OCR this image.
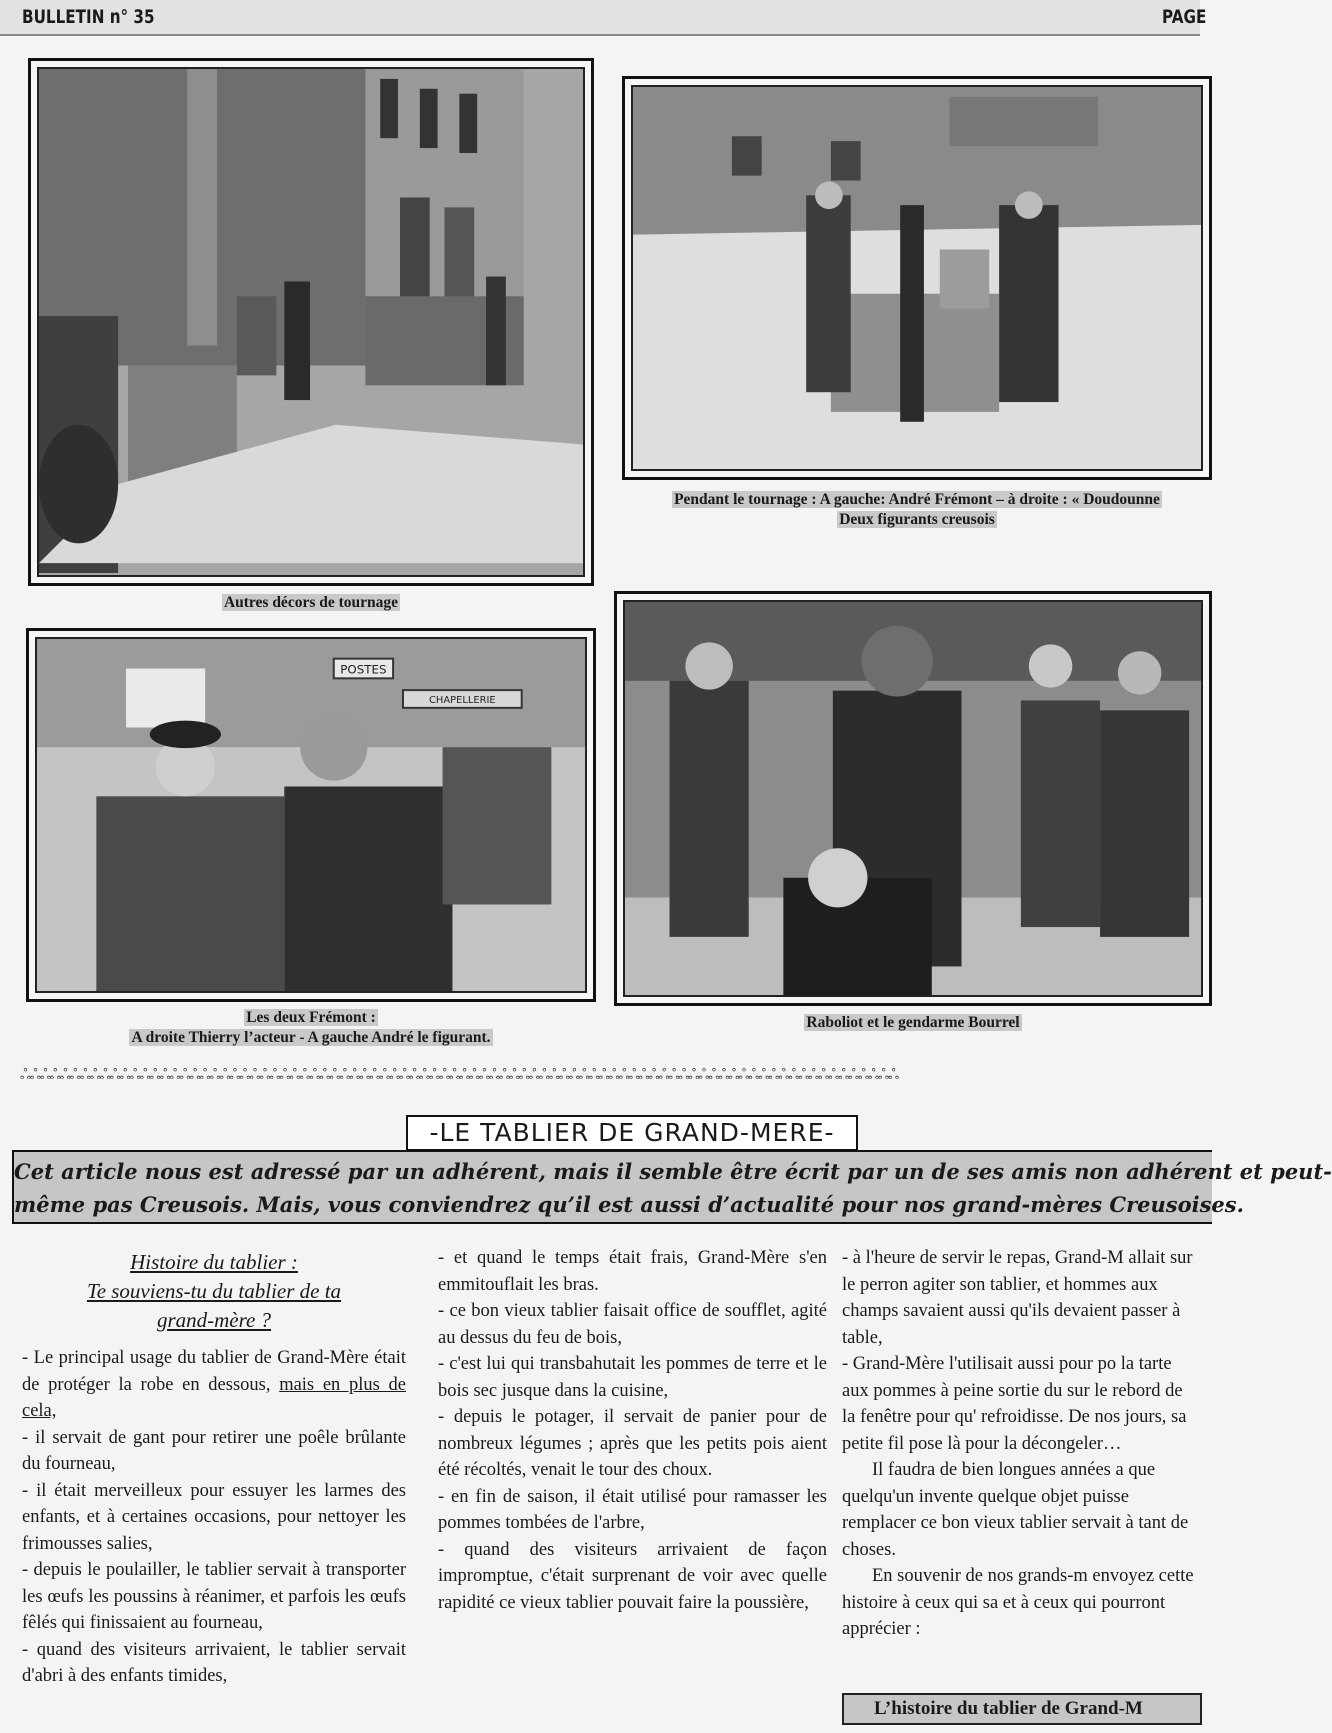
BULLETIN n° 35	PAGE
Autres décors de tournage
Pendant le tournage : A gauche: André Frémont – à droite : « Doudounne
Deux figurants creusois
POSTES
CHAPELLERIE
Les deux Frémont :
A droite Thierry l’acteur - A gauche André le figurant.
Raboliot et le gendarme Bourrel
ஃஃஃஃஃஃஃஃஃஃஃஃஃஃஃஃஃஃஃஃஃஃஃஃஃஃஃஃஃஃஃஃஃஃஃஃஃஃஃஃஃஃஃஃஃஃஃஃஃஃஃஃஃஃஃஃஃஃஃஃஃஃஃஃஃஃஃஃஃஃஃஃஃஃஃஃஃஃஃஃஃஃஃஃஃஃஃஃ
-LE TABLIER DE GRAND-MERE-
Cet article nous est adressé par un adhérent, mais il semble être écrit par un de ses amis non adhérent et peut-
même pas Creusois. Mais, vous conviendrez qu’il est aussi d’actualité pour nos grand-mères Creusoises.
Histoire du tablier :
Te souviens-tu du tablier de ta
grand-mère ?

- Le principal usage du tablier de Grand-Mère était de protéger la robe en dessous, mais en plus de cela,

- il servait de gant pour retirer une poêle brûlante du fourneau,

- il était merveilleux pour essuyer les larmes des enfants, et à certaines occasions, pour nettoyer les frimousses salies,

- depuis le poulailler, le tablier servait à transporter les œufs les poussins à réanimer, et parfois les œufs fêlés qui finissaient au fourneau,

- quand des visiteurs arrivaient, le tablier servait d'abri à des enfants timides,

- et quand le temps était frais, Grand-Mère s'en emmitouflait les bras.

- ce bon vieux tablier faisait office de soufflet, agité au dessus du feu de bois,

- c'est lui qui transbahutait les pommes de terre et le bois sec jusque dans la cuisine,

- depuis le potager, il servait de panier pour de nombreux légumes ; après que les petits pois aient été récoltés, venait le tour des choux.

- en fin de saison, il était utilisé pour ramasser les pommes tombées de l'arbre,

- quand des visiteurs arrivaient de façon impromptue, c'était surprenant de voir avec quelle rapidité ce vieux tablier pouvait faire la poussière,

- à l'heure de servir le repas, Grand-M allait sur le perron agiter son tablier, et hommes aux champs savaient aussi qu'ils devaient passer à table,

- Grand-Mère l'utilisait aussi pour po la tarte aux pommes à peine sortie du sur le rebord de la fenêtre pour qu' refroidisse. De nos jours, sa petite fil pose là pour la décongeler…

Il faudra de bien longues années a que quelqu'un invente quelque objet puisse remplacer ce bon vieux tablier servait à tant de choses.

En souvenir de nos grands-m envoyez cette histoire à ceux qui sa et à ceux qui pourront apprécier :

L’histoire du tablier de Grand-M
